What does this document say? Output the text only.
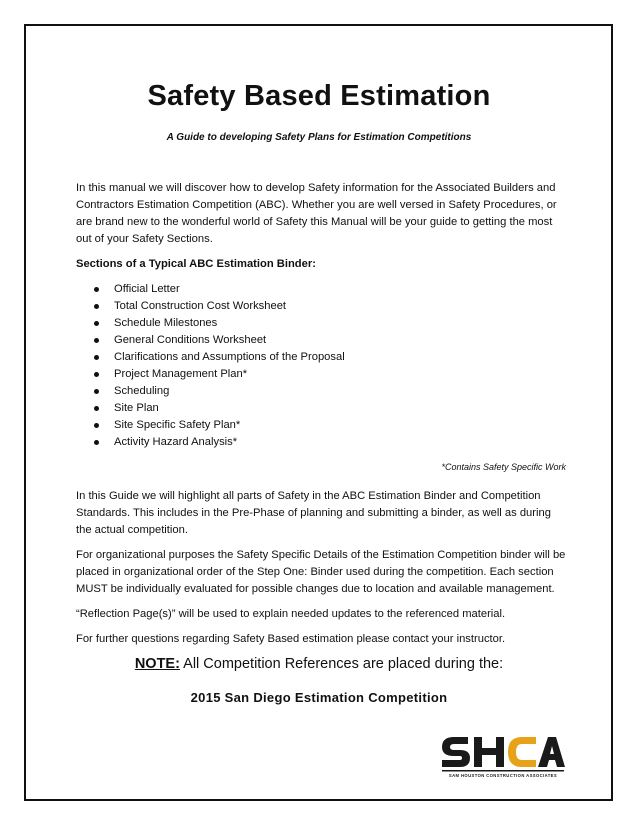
Safety Based Estimation
A Guide to developing Safety Plans for Estimation Competitions

In this manual we will discover how to develop Safety information for the Associated Builders and Contractors Estimation Competition (ABC). Whether you are well versed in Safety Procedures, or are brand new to the wonderful world of Safety this Manual will be your guide to getting the most out of your Safety Sections.

Sections of a Typical ABC Estimation Binder:
Official Letter
Total Construction Cost Worksheet
Schedule Milestones
General Conditions Worksheet
Clarifications and Assumptions of the Proposal
Project Management Plan*
Scheduling
Site Plan
Site Specific Safety Plan*
Activity Hazard Analysis*
*Contains Safety Specific Work

In this Guide we will highlight all parts of Safety in the ABC Estimation Binder and Competition Standards. This includes in the Pre-Phase of planning and submitting a binder, as well as during the actual competition.

For organizational purposes the Safety Specific Details of the Estimation Competition binder will be placed in organizational order of the Step One: Binder used during the competition. Each section MUST be individually evaluated for possible changes due to location and available management.

“Reflection Page(s)” will be used to explain needed updates to the referenced material.

For further questions regarding Safety Based estimation please contact your instructor.

NOTE: All Competition References are placed during the:
2015 San Diego Estimation Competition
SAM HOUSTON CONSTRUCTION ASSOCIATES
